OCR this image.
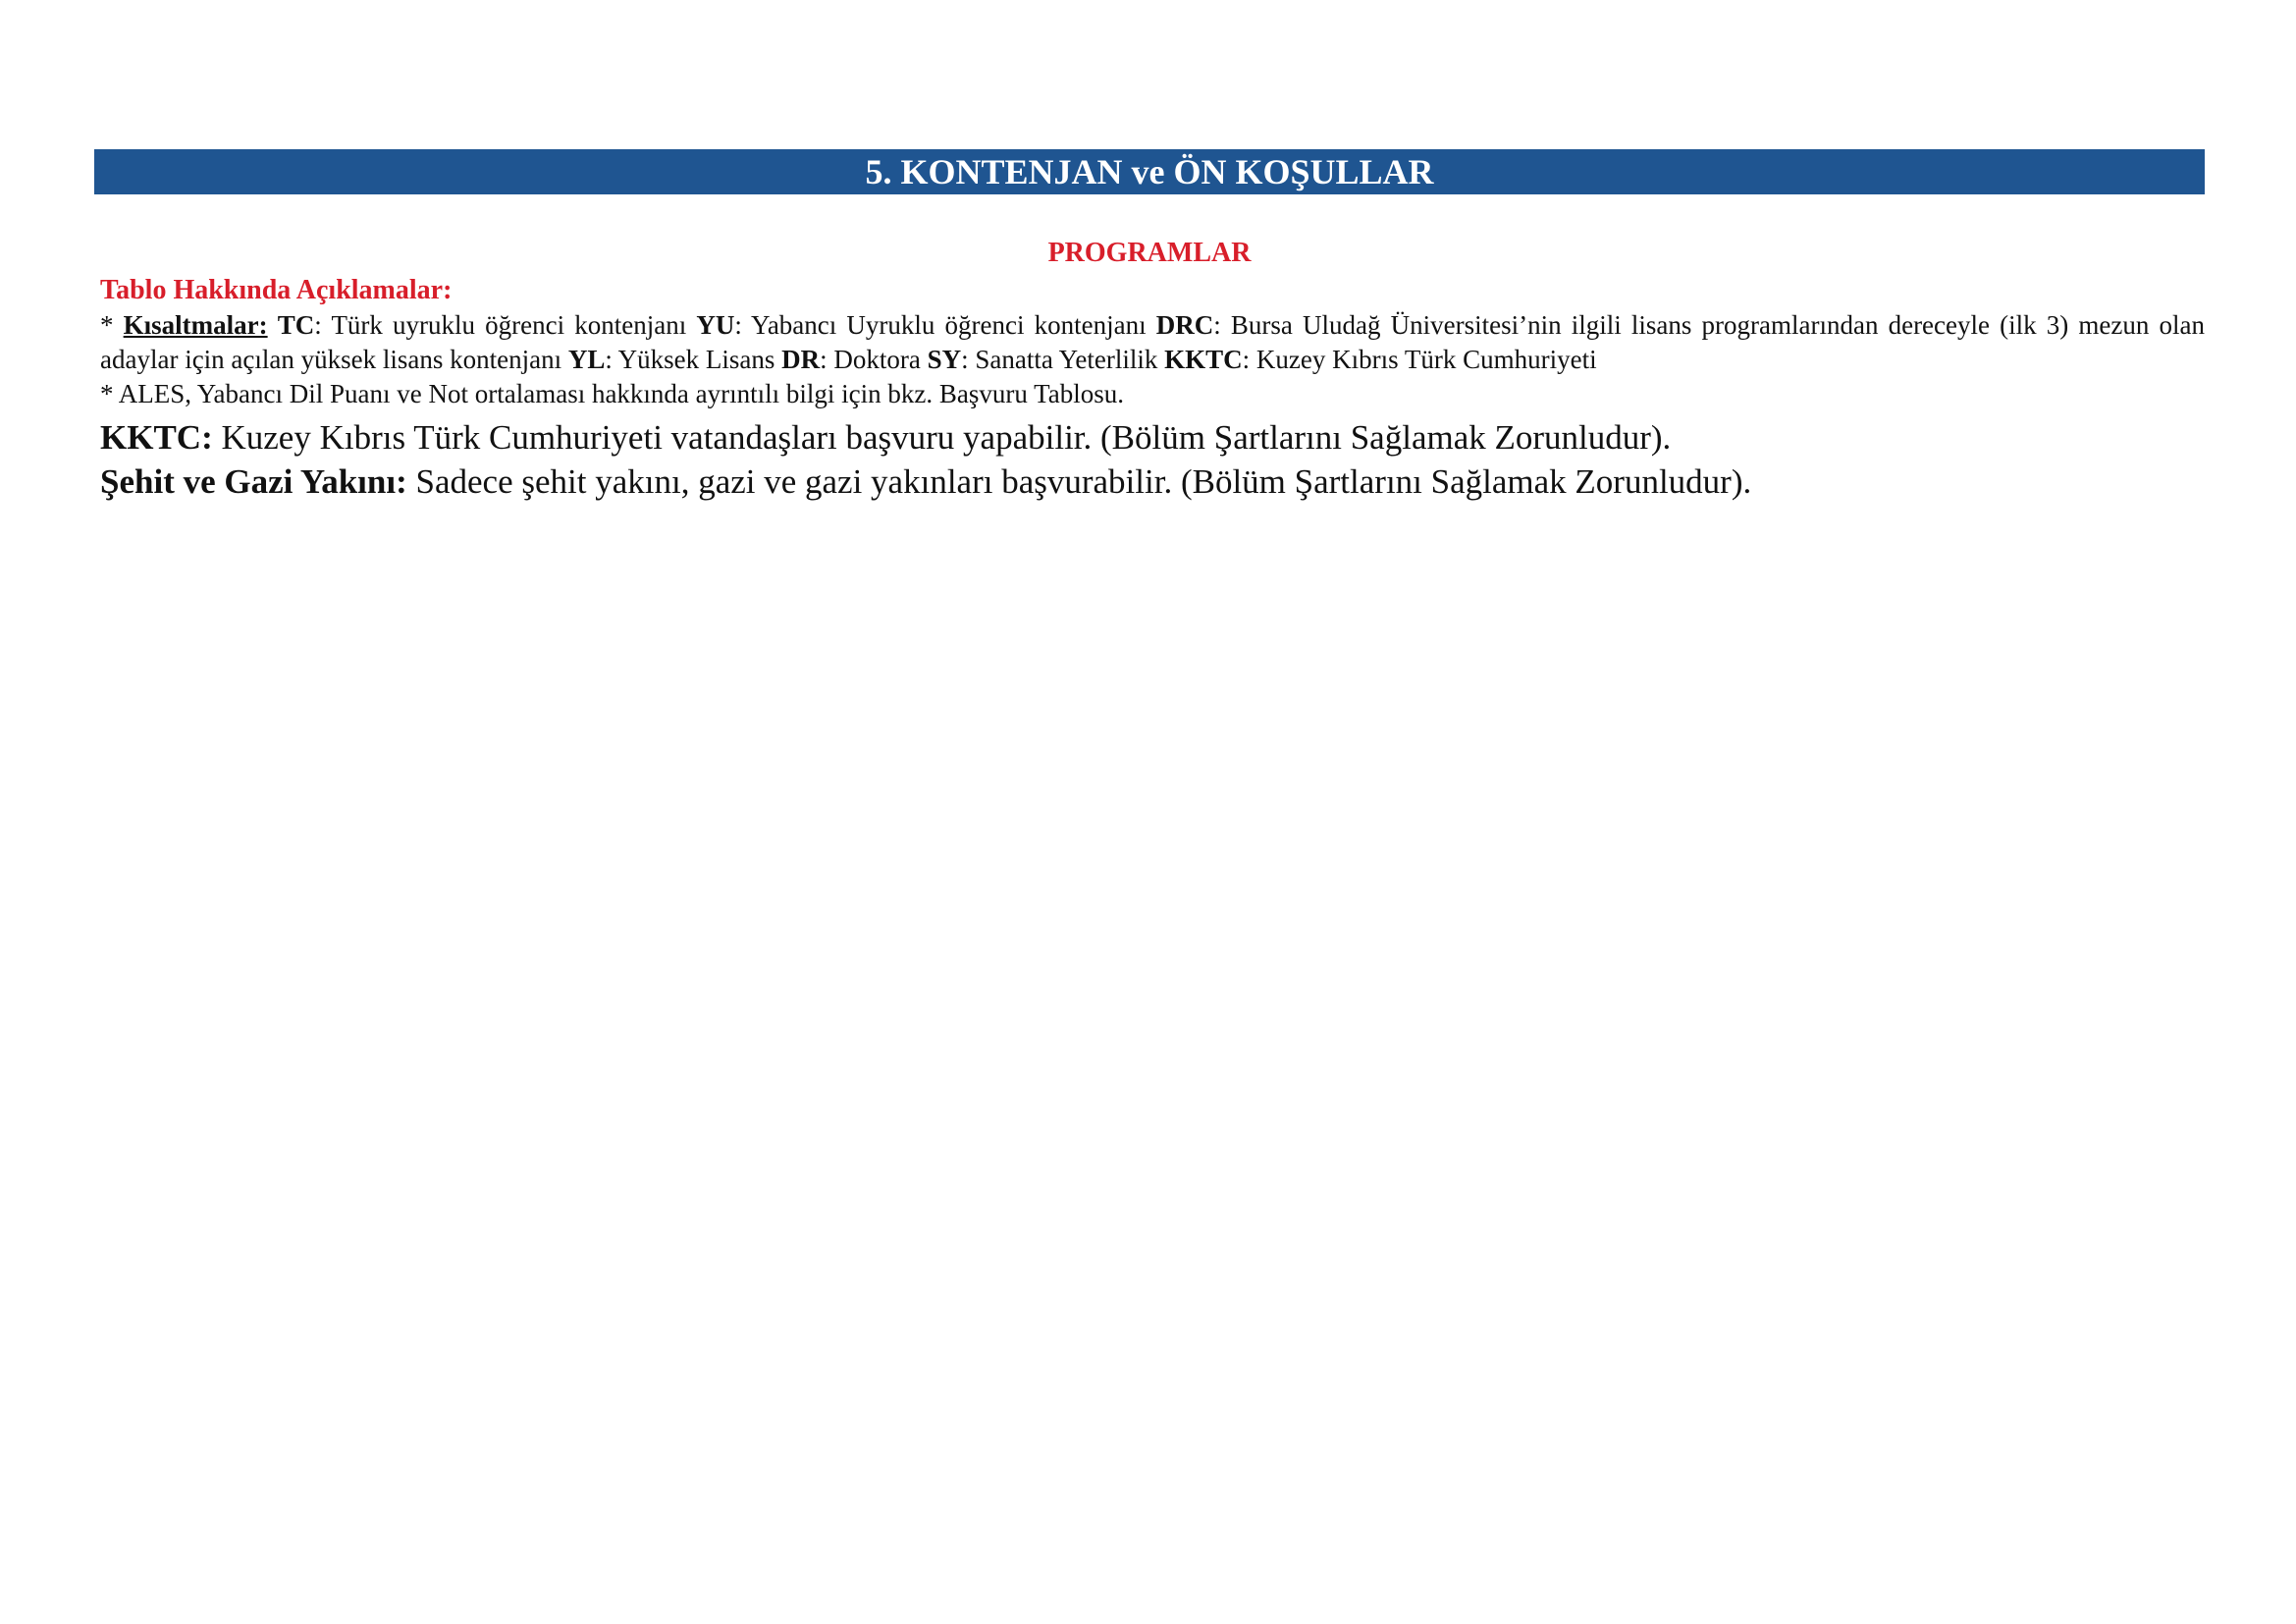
5. KONTENJAN ve ÖN KOŞULLAR
PROGRAMLAR
Tablo Hakkında Açıklamalar:
* Kısaltmalar: TC: Türk uyruklu öğrenci kontenjanı YU: Yabancı Uyruklu öğrenci kontenjanı DRC: Bursa Uludağ Üniversitesi’nin ilgili lisans programlarından dereceyle (ilk 3) mezun olan adaylar için açılan yüksek lisans kontenjanı YL: Yüksek Lisans DR: Doktora SY: Sanatta Yeterlilik KKTC: Kuzey Kıbrıs Türk Cumhuriyeti
* ALES, Yabancı Dil Puanı ve Not ortalaması hakkında ayrıntılı bilgi için bkz. Başvuru Tablosu.
KKTC: Kuzey Kıbrıs Türk Cumhuriyeti vatandaşları başvuru yapabilir. (Bölüm Şartlarını Sağlamak Zorunludur).
Şehit ve Gazi Yakını: Sadece şehit yakını, gazi ve gazi yakınları başvurabilir. (Bölüm Şartlarını Sağlamak Zorunludur).
